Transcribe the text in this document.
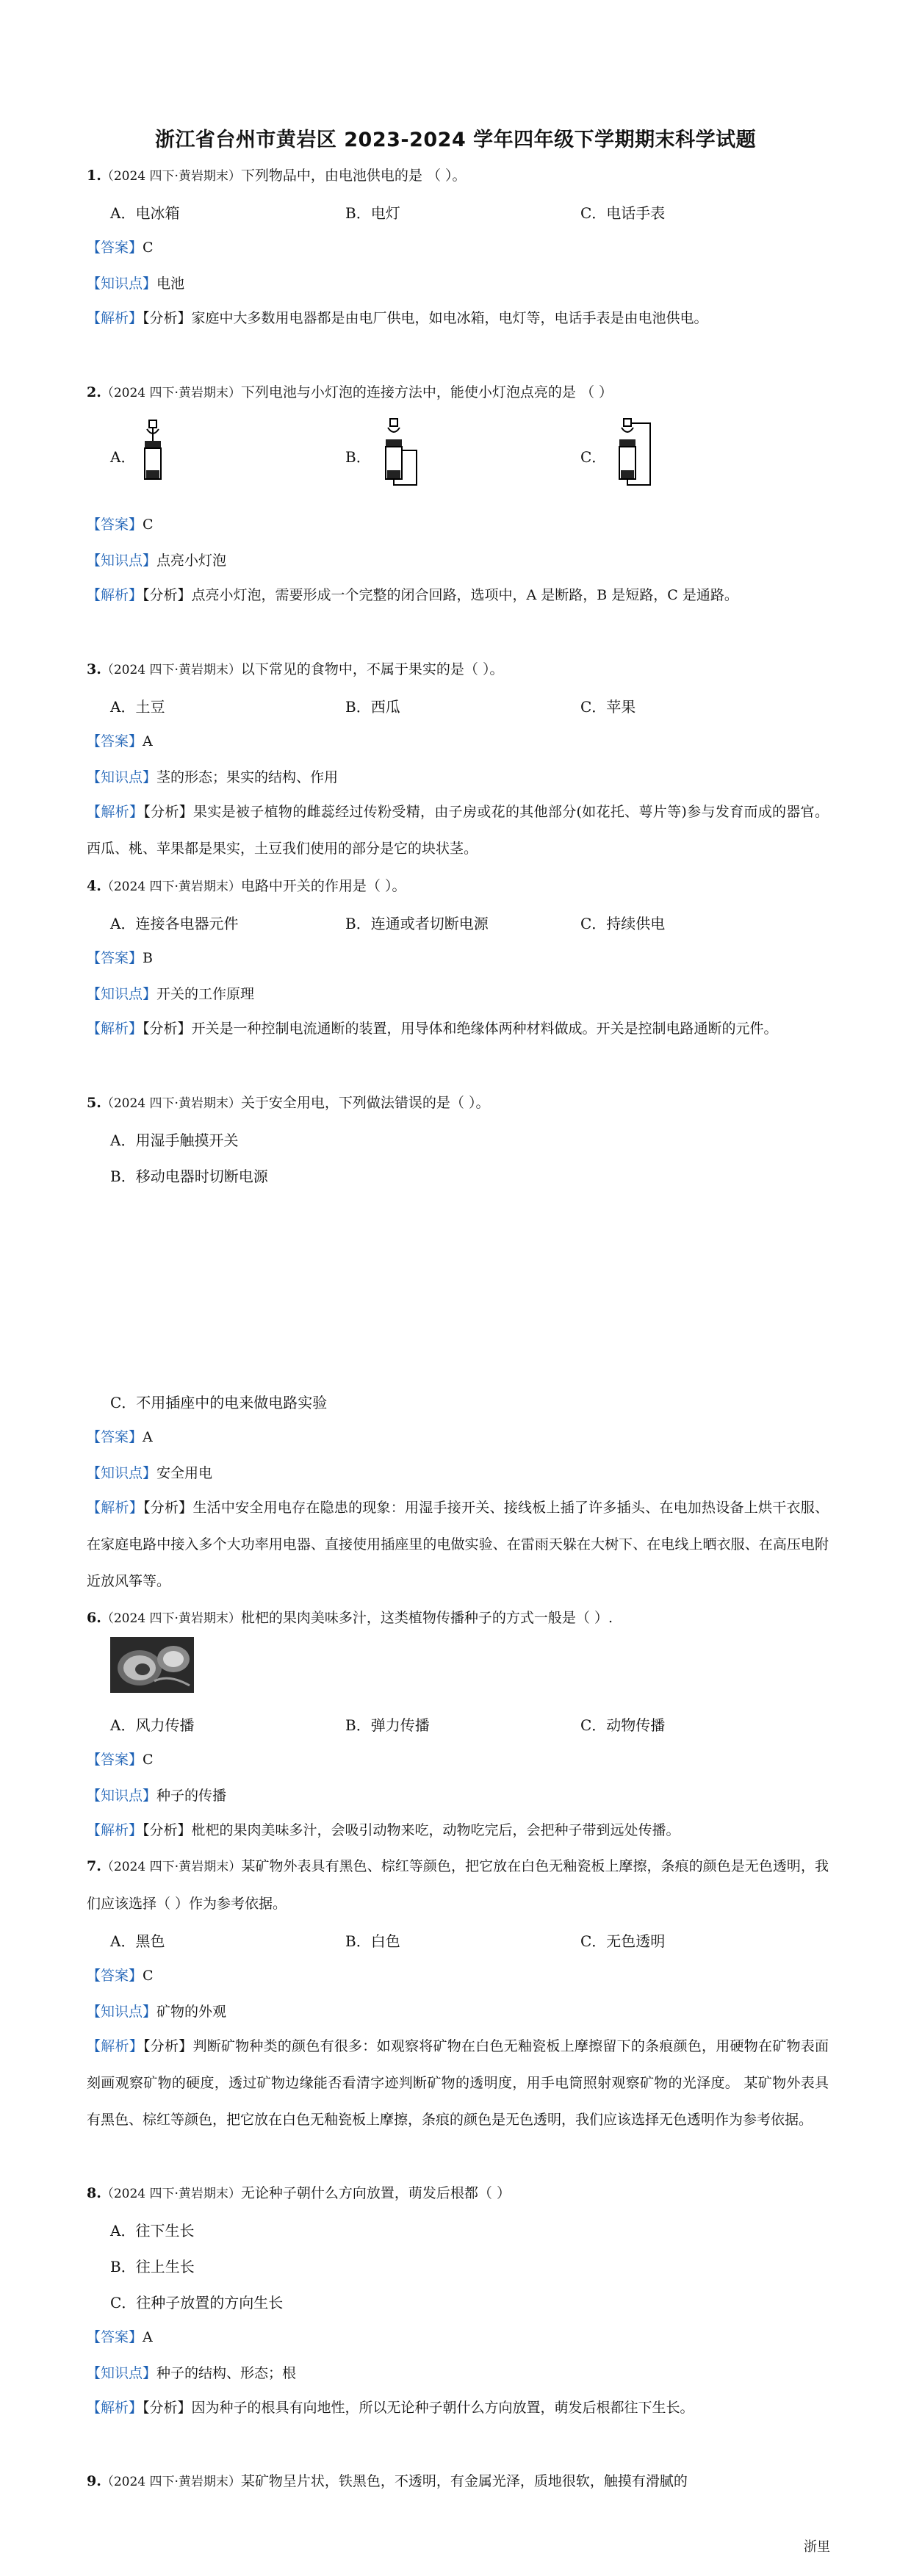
浙江省台州市黄岩区 2023-2024 学年四年级下学期期末科学试题
1.（2024 四下·黄岩期末）下列物品中，由电池供电的是 （ ）。
A．电冰箱	B．电灯	C．电话手表
【答案】C
【知识点】电池
【解析】【分析】家庭中大多数用电器都是由电厂供电，如电冰箱，电灯等，电话手表是由电池供电。
2.（2024 四下·黄岩期末）下列电池与小灯泡的连接方法中，能使小灯泡点亮的是 （ ）
A．	B．	C．
【答案】C
【知识点】点亮小灯泡
【解析】【分析】点亮小灯泡，需要形成一个完整的闭合回路，选项中，A 是断路，B 是短路，C 是通路。
3.（2024 四下·黄岩期末）以下常见的食物中，不属于果实的是（ ）。
A．土豆	B．西瓜	C．苹果
【答案】A
【知识点】茎的形态；果实的结构、作用
【解析】【分析】果实是被子植物的雌蕊经过传粉受精，由子房或花的其他部分(如花托、萼片等)参与发育而成的器官。西瓜、桃、苹果都是果实，土豆我们使用的部分是它的块状茎。
4.（2024 四下·黄岩期末）电路中开关的作用是（ ）。
A．连接各电器元件	B．连通或者切断电源	C．持续供电
【答案】B
【知识点】开关的工作原理
【解析】【分析】开关是一种控制电流通断的装置，用导体和绝缘体两种材料做成。开关是控制电路通断的元件。
5.（2024 四下·黄岩期末）关于安全用电，下列做法错误的是（ ）。
A．用湿手触摸开关
B．移动电器时切断电源
C．不用插座中的电来做电路实验
【答案】A
【知识点】安全用电
【解析】【分析】生活中安全用电存在隐患的现象：用湿手接开关、接线板上插了许多插头、在电加热设备上烘干衣服、在家庭电路中接入多个大功率用电器、直接使用插座里的电做实验、在雷雨天躲在大树下、在电线上晒衣服、在高压电附近放风筝等。
6.（2024 四下·黄岩期末）枇杷的果肉美味多汁，这类植物传播种子的方式一般是（ ）.
A．风力传播	B．弹力传播	C．动物传播
【答案】C
【知识点】种子的传播
【解析】【分析】枇杷的果肉美味多汁，会吸引动物来吃，动物吃完后，会把种子带到远处传播。
7.（2024 四下·黄岩期末）某矿物外表具有黑色、棕红等颜色，把它放在白色无釉瓷板上摩擦，条痕的颜色是无色透明，我们应该选择（ ）作为参考依据。
A．黑色	B．白色	C．无色透明
【答案】C
【知识点】矿物的外观
【解析】【分析】判断矿物种类的颜色有很多：如观察将矿物在白色无釉瓷板上摩擦留下的条痕颜色，用硬物在矿物表面刻画观察矿物的硬度，透过矿物边缘能否看清字迹判断矿物的透明度，用手电筒照射观察矿物的光泽度。 某矿物外表具有黑色、棕红等颜色，把它放在白色无釉瓷板上摩擦，条痕的颜色是无色透明，我们应该选择无色透明作为参考依据。
8.（2024 四下·黄岩期末）无论种子朝什么方向放置，萌发后根都（ ）
A．往下生长
B．往上生长
C．往种子放置的方向生长
【答案】A
【知识点】种子的结构、形态；根
【解析】【分析】因为种子的根具有向地性，所以无论种子朝什么方向放置，萌发后根都往下生长。
9.（2024 四下·黄岩期末）某矿物呈片状，铁黑色，不透明，有金属光泽，质地很软，触摸有滑腻的
浙里
